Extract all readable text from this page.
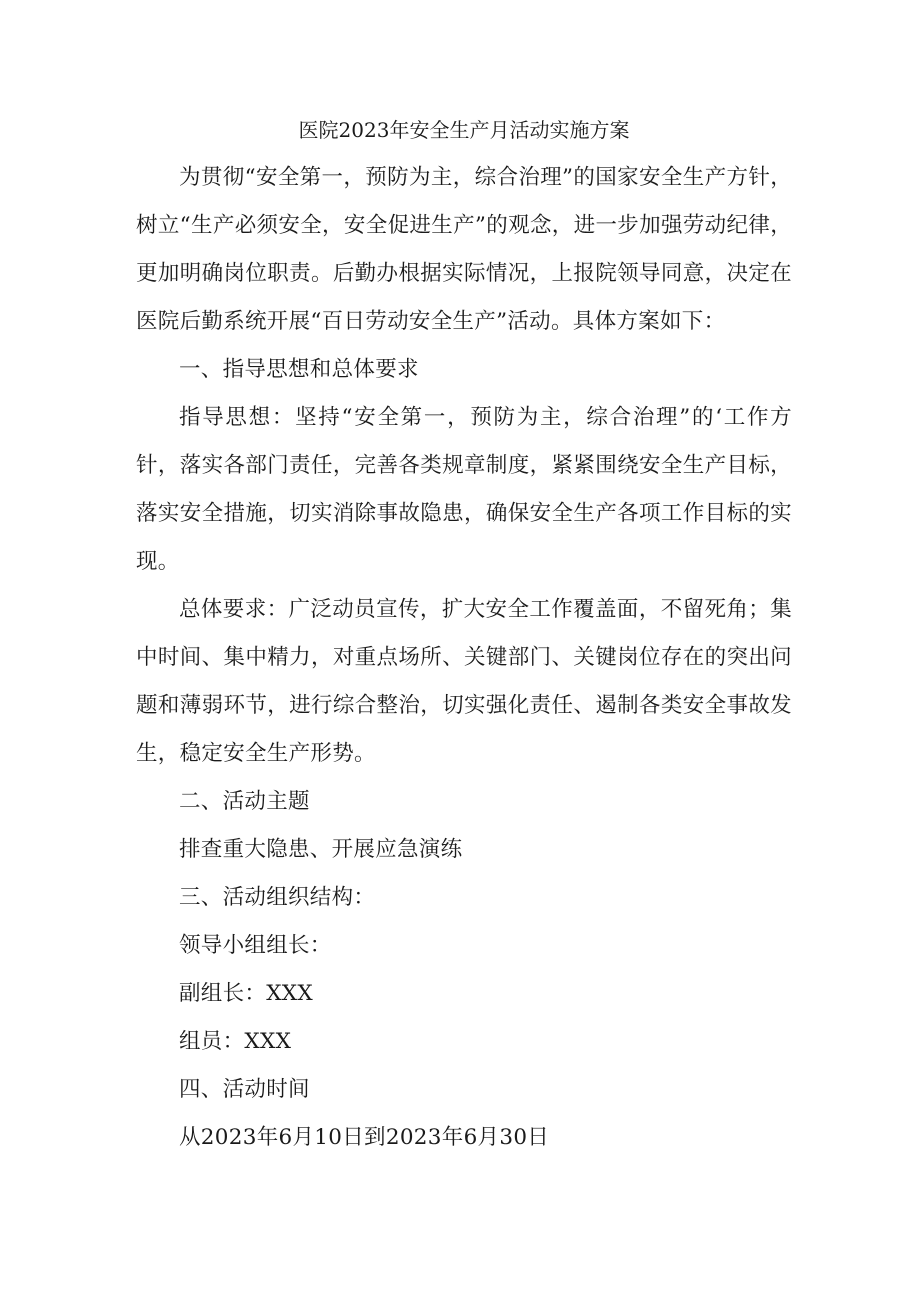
医院2023年安全生产月活动实施方案

为贯彻“安全第一，预防为主，综合治理”的国家安全生产方针，树立“生产必须安全，安全促进生产”的观念，进一步加强劳动纪律，更加明确岗位职责。后勤办根据实际情况，上报院领导同意，决定在医院后勤系统开展“百日劳动安全生产”活动。具体方案如下：

一、指导思想和总体要求

指导思想：坚持“安全第一，预防为主，综合治理”的‘工作方针，落实各部门责任，完善各类规章制度，紧紧围绕安全生产目标，落实安全措施，切实消除事故隐患，确保安全生产各项工作目标的实现。

总体要求：广泛动员宣传，扩大安全工作覆盖面，不留死角；集中时间、集中精力，对重点场所、关键部门、关键岗位存在的突出问题和薄弱环节，进行综合整治，切实强化责任、遏制各类安全事故发生，稳定安全生产形势。

二、活动主题

排查重大隐患、开展应急演练

三、活动组织结构：

领导小组组长：

副组长：XXX

组员：XXX

四、活动时间

从2023年6月10日到2023年6月30日
